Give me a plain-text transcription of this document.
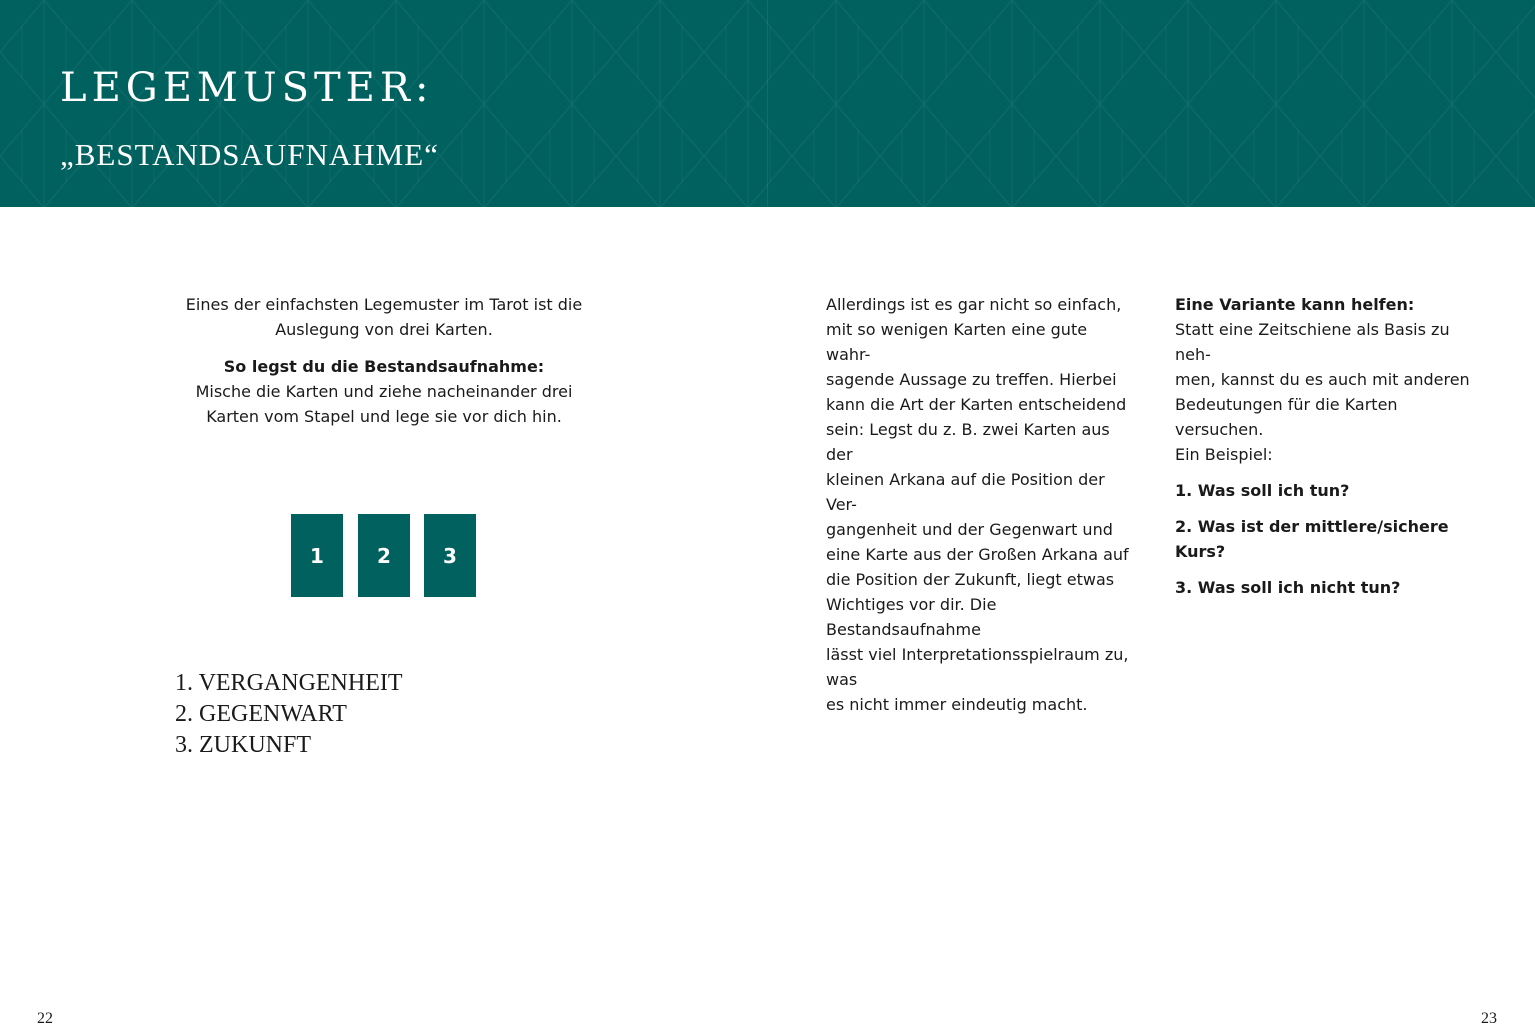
LEGEMUSTER:
„BESTANDSAUFNAHME“

Eines der einfachsten Legemuster im Tarot ist die Auslegung von drei Karten.

So legst du die Bestandsaufnahme:

Mische die Karten und ziehe nacheinander drei Karten vom Stapel und lege sie vor dich hin.

1	2	3
1. VERGANGENHEIT
2. GEGENWART
3. ZUKUNFT
Allerdings ist es gar nicht so einfach,
mit so wenigen Karten eine gute wahr-
sagende Aussage zu treffen. Hierbei
kann die Art der Karten entscheidend
sein: Legst du z. B. zwei Karten aus der
kleinen Arkana auf die Position der Ver-
gangenheit und der Gegenwart und
eine Karte aus der Großen Arkana auf
die Position der Zukunft, liegt etwas
Wichtiges vor dir. Die Bestandsaufnahme
lässt viel Interpretationsspielraum zu, was
es nicht immer eindeutig macht.
Eine Variante kann helfen:
Statt eine Zeitschiene als Basis zu neh-
men, kannst du es auch mit anderen
Bedeutungen für die Karten versuchen.
Ein Beispiel:
1. Was soll ich tun?
2. Was ist der mittlere/sichere Kurs?
3. Was soll ich nicht tun?
22	23
